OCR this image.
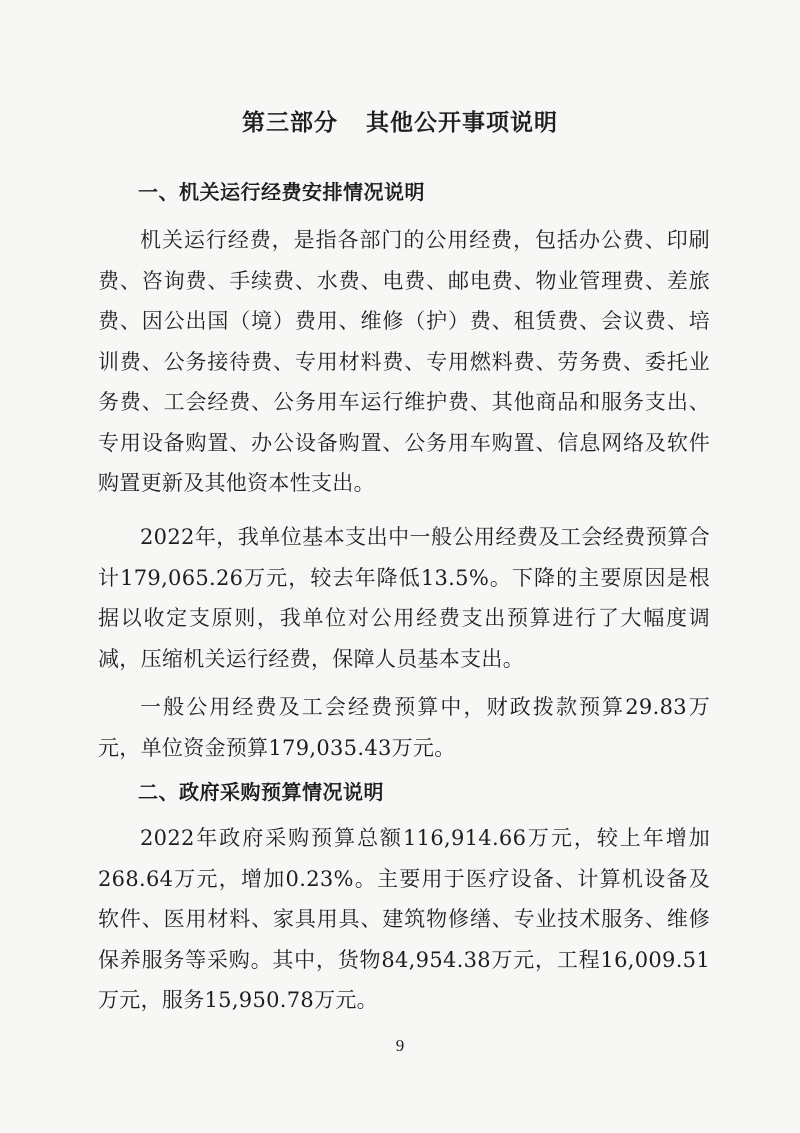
第三部分 其他公开事项说明
一、机关运行经费安排情况说明
机关运行经费，是指各部门的公用经费，包括办公费、印刷费、咨询费、手续费、水费、电费、邮电费、物业管理费、差旅费、因公出国（境）费用、维修（护）费、租赁费、会议费、培训费、公务接待费、专用材料费、专用燃料费、劳务费、委托业务费、工会经费、公务用车运行维护费、其他商品和服务支出、专用设备购置、办公设备购置、公务用车购置、信息网络及软件购置更新及其他资本性支出。
2022年，我单位基本支出中一般公用经费及工会经费预算合计179,065.26万元，较去年降低13.5%。下降的主要原因是根据以收定支原则，我单位对公用经费支出预算进行了大幅度调减，压缩机关运行经费，保障人员基本支出。
一般公用经费及工会经费预算中，财政拨款预算29.83万元，单位资金预算179,035.43万元。
二、政府采购预算情况说明
2022年政府采购预算总额116,914.66万元，较上年增加268.64万元，增加0.23%。主要用于医疗设备、计算机设备及软件、医用材料、家具用具、建筑物修缮、专业技术服务、维修保养服务等采购。其中，货物84,954.38万元，工程16,009.51万元，服务15,950.78万元。
9
